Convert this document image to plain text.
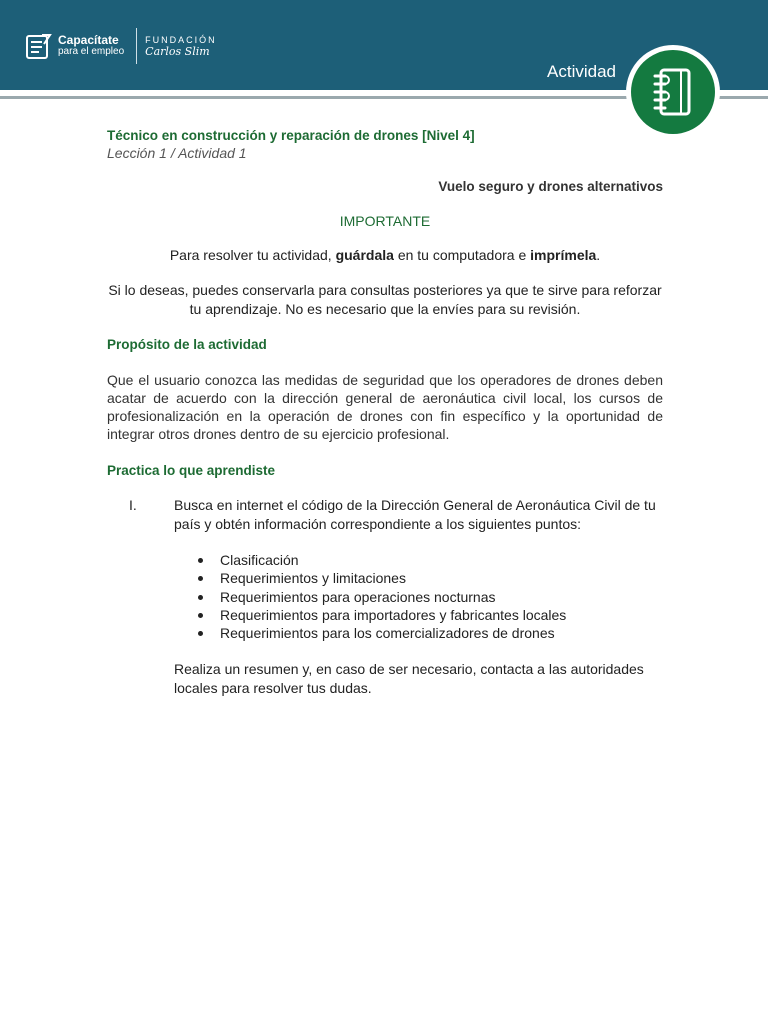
Capacítate
para el empleo
FUNDACIÓN
Carlos Slim
Actividad
Técnico en construcción y reparación de drones [Nivel 4]
Lección 1 / Actividad 1
Vuelo seguro y drones alternativos
IMPORTANTE
Para resolver tu actividad, guárdala en tu computadora e imprímela.
Si lo deseas, puedes conservarla para consultas posteriores ya que te sirve para reforzar tu aprendizaje. No es necesario que la envíes para su revisión.
Propósito de la actividad
Que el usuario conozca las medidas de seguridad que los operadores de drones deben acatar de acuerdo con la dirección general de aeronáutica civil local, los cursos de profesionalización en la operación de drones con fin específico y la oportunidad de integrar otros drones dentro de su ejercicio profesional.
Practica lo que aprendiste
I.	Busca en internet el código de la Dirección General de Aeronáutica Civil de tu país y obtén información correspondiente a los siguientes puntos:
Clasificación
Requerimientos y limitaciones
Requerimientos para operaciones nocturnas
Requerimientos para importadores y fabricantes locales
Requerimientos para los comercializadores de drones
Realiza un resumen y, en caso de ser necesario, contacta a las autoridades locales para resolver tus dudas.
